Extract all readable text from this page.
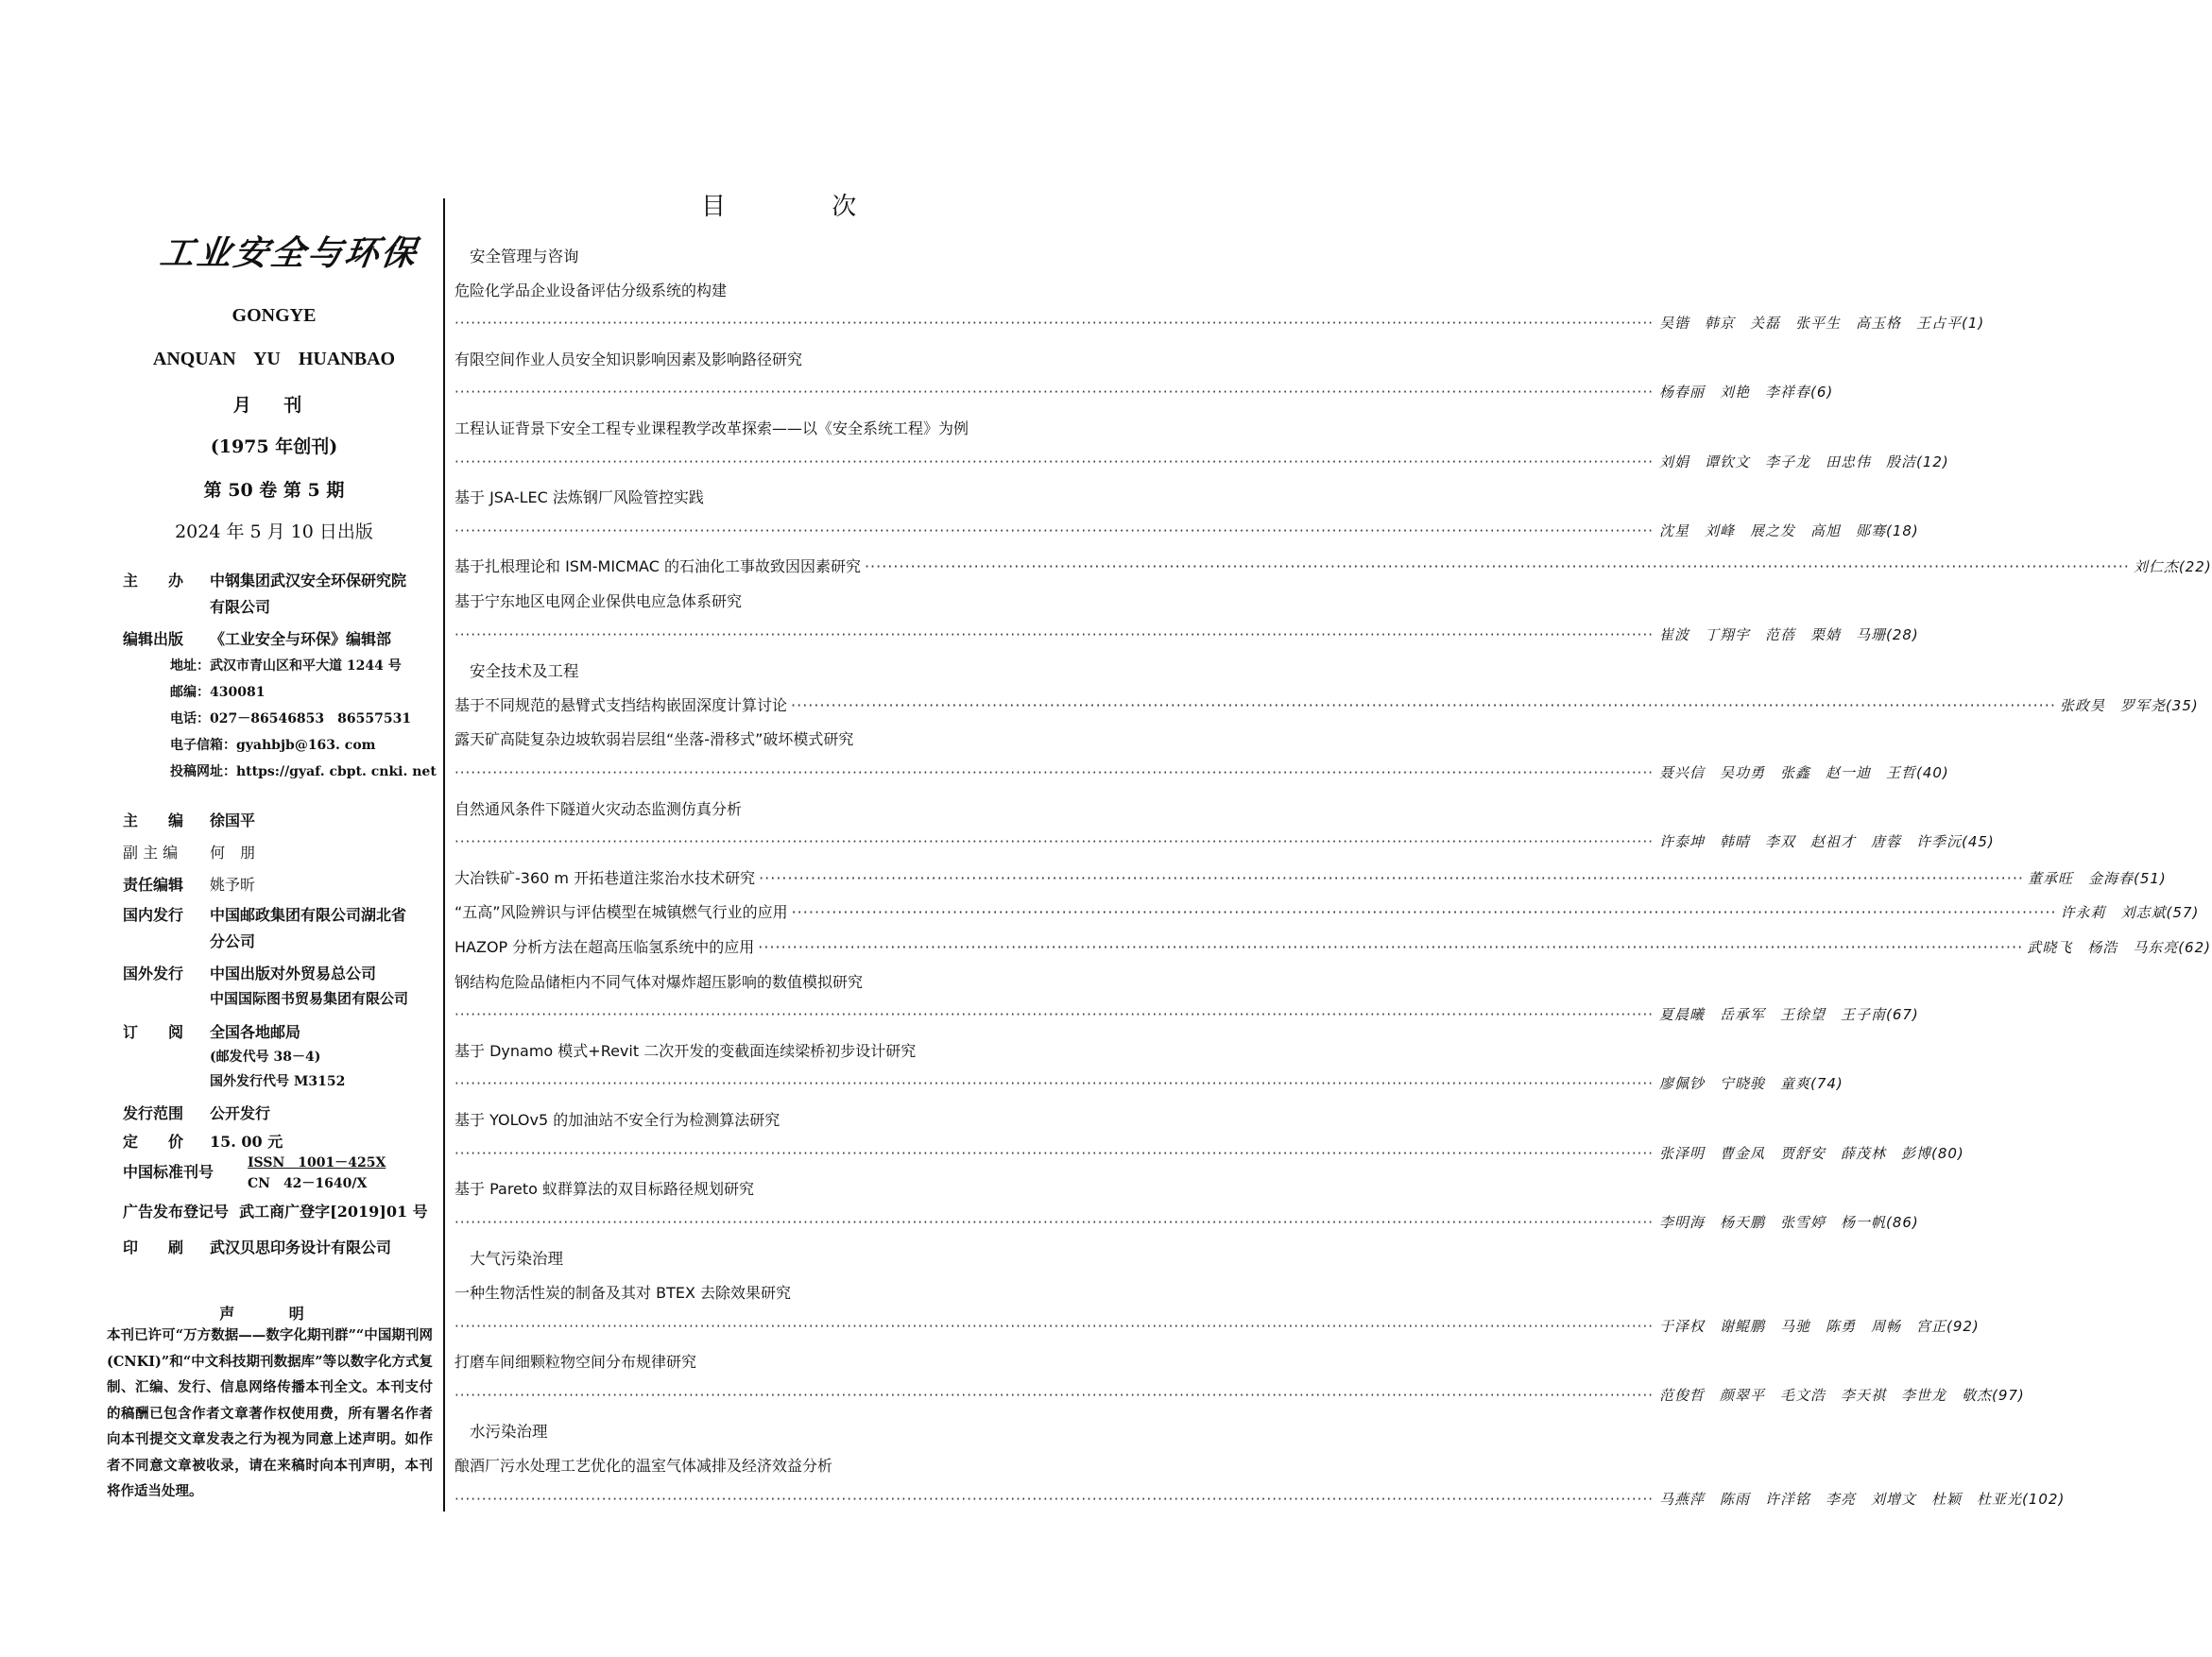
工业安全与环保
GONGYE
ANQUAN YU HUANBAO
月 刊
(1975 年创刊)
第 50 卷 第 5 期
2024 年 5 月 10 日出版
主　　办 中钢集团武汉安全环保研究院
有限公司
编辑出版 《工业安全与环保》编辑部
地址：武汉市青山区和平大道 1244 号
邮编：430081
电话：027－86546853　86557531
电子信箱：gyahbjb@163. com
投稿网址：https://gyaf. cbpt. cnki. net
主　　编 徐国平
副 主 编 何　朋
责任编辑 姚予昕
国内发行 中国邮政集团有限公司湖北省
分公司
国外发行 中国出版对外贸易总公司
中国国际图书贸易集团有限公司
订　　阅 全国各地邮局
(邮发代号 38－4)
国外发行代号 M3152
发行范围 公开发行
定　　价 15. 00 元
中国标准刊号	ISSN　1001－425X
CN　42－1640/X
广告发布登记号 武工商广登字[2019]01 号
印　　刷 武汉贝思印务设计有限公司
声 明

本刊已许可“万方数据——数字化期刊群”“中国期刊网(CNKI)”和“中文科技期刊数据库”等以数字化方式复制、汇编、发行、信息网络传播本刊全文。本刊支付的稿酬已包含作者文章著作权使用费，所有署名作者向本刊提交文章发表之行为视为同意上述声明。如作者不同意文章被收录，请在来稿时向本刊声明，本刊将作适当处理。

目 次
安全管理与咨询
危险化学品企业设备评估分级系统的构建
···························································································································································································································· 吴锴　韩京　关磊　张平生　高玉格　王占平(1)
有限空间作业人员安全知识影响因素及影响路径研究
···························································································································································································································· 杨春丽　刘艳　李祥春(6)
工程认证背景下安全工程专业课程教学改革探索——以《安全系统工程》为例
···························································································································································································································· 刘娟　谭钦文　李子龙　田忠伟　殷洁(12)
基于 JSA-LEC 法炼钢厂风险管控实践
···························································································································································································································· 沈星　刘峰　展之发　高旭　郧骞(18)
基于扎根理论和 ISM-MICMAC 的石油化工事故致因因素研究 ···························································································································································································································· 刘仁杰(22)
基于宁东地区电网企业保供电应急体系研究
···························································································································································································································· 崔波　丁翔宇　范蓓　栗婧　马珊(28)
安全技术及工程
基于不同规范的悬臂式支挡结构嵌固深度计算讨论 ···························································································································································································································· 张政昊　罗军尧(35)
露天矿高陡复杂边坡软弱岩层组“坐落-滑移式”破坏模式研究
···························································································································································································································· 聂兴信　吴功勇　张鑫　赵一迪　王哲(40)
自然通风条件下隧道火灾动态监测仿真分析
···························································································································································································································· 许泰坤　韩晴　李双　赵祖才　唐蓉　许季沅(45)
大冶铁矿-360 m 开拓巷道注浆治水技术研究 ···························································································································································································································· 董承旺　金海春(51)
“五高”风险辨识与评估模型在城镇燃气行业的应用 ···························································································································································································································· 许永莉　刘志斌(57)
HAZOP 分析方法在超高压临氢系统中的应用 ···························································································································································································································· 武晓飞　杨浩　马东亮(62)
钢结构危险品储柜内不同气体对爆炸超压影响的数值模拟研究
···························································································································································································································· 夏晨曦　岳承军　王徐望　王子南(67)
基于 Dynamo 模式+Revit 二次开发的变截面连续梁桥初步设计研究
···························································································································································································································· 廖佩钞　宁晓骏　童爽(74)
基于 YOLOv5 的加油站不安全行为检测算法研究
···························································································································································································································· 张泽明　曹金凤　贾舒安　薛茂林　彭博(80)
基于 Pareto 蚁群算法的双目标路径规划研究
···························································································································································································································· 李明海　杨天鹏　张雪婷　杨一帆(86)
大气污染治理
一种生物活性炭的制备及其对 BTEX 去除效果研究
···························································································································································································································· 于泽权　谢鲲鹏　马驰　陈勇　周畅　宫正(92)
打磨车间细颗粒物空间分布规律研究
···························································································································································································································· 范俊哲　颜翠平　毛文浩　李天祺　李世龙　敬杰(97)
水污染治理
酿酒厂污水处理工艺优化的温室气体减排及经济效益分析
···························································································································································································································· 马燕萍　陈雨　许洋铭　李亮　刘增文　杜颖　杜亚光(102)
